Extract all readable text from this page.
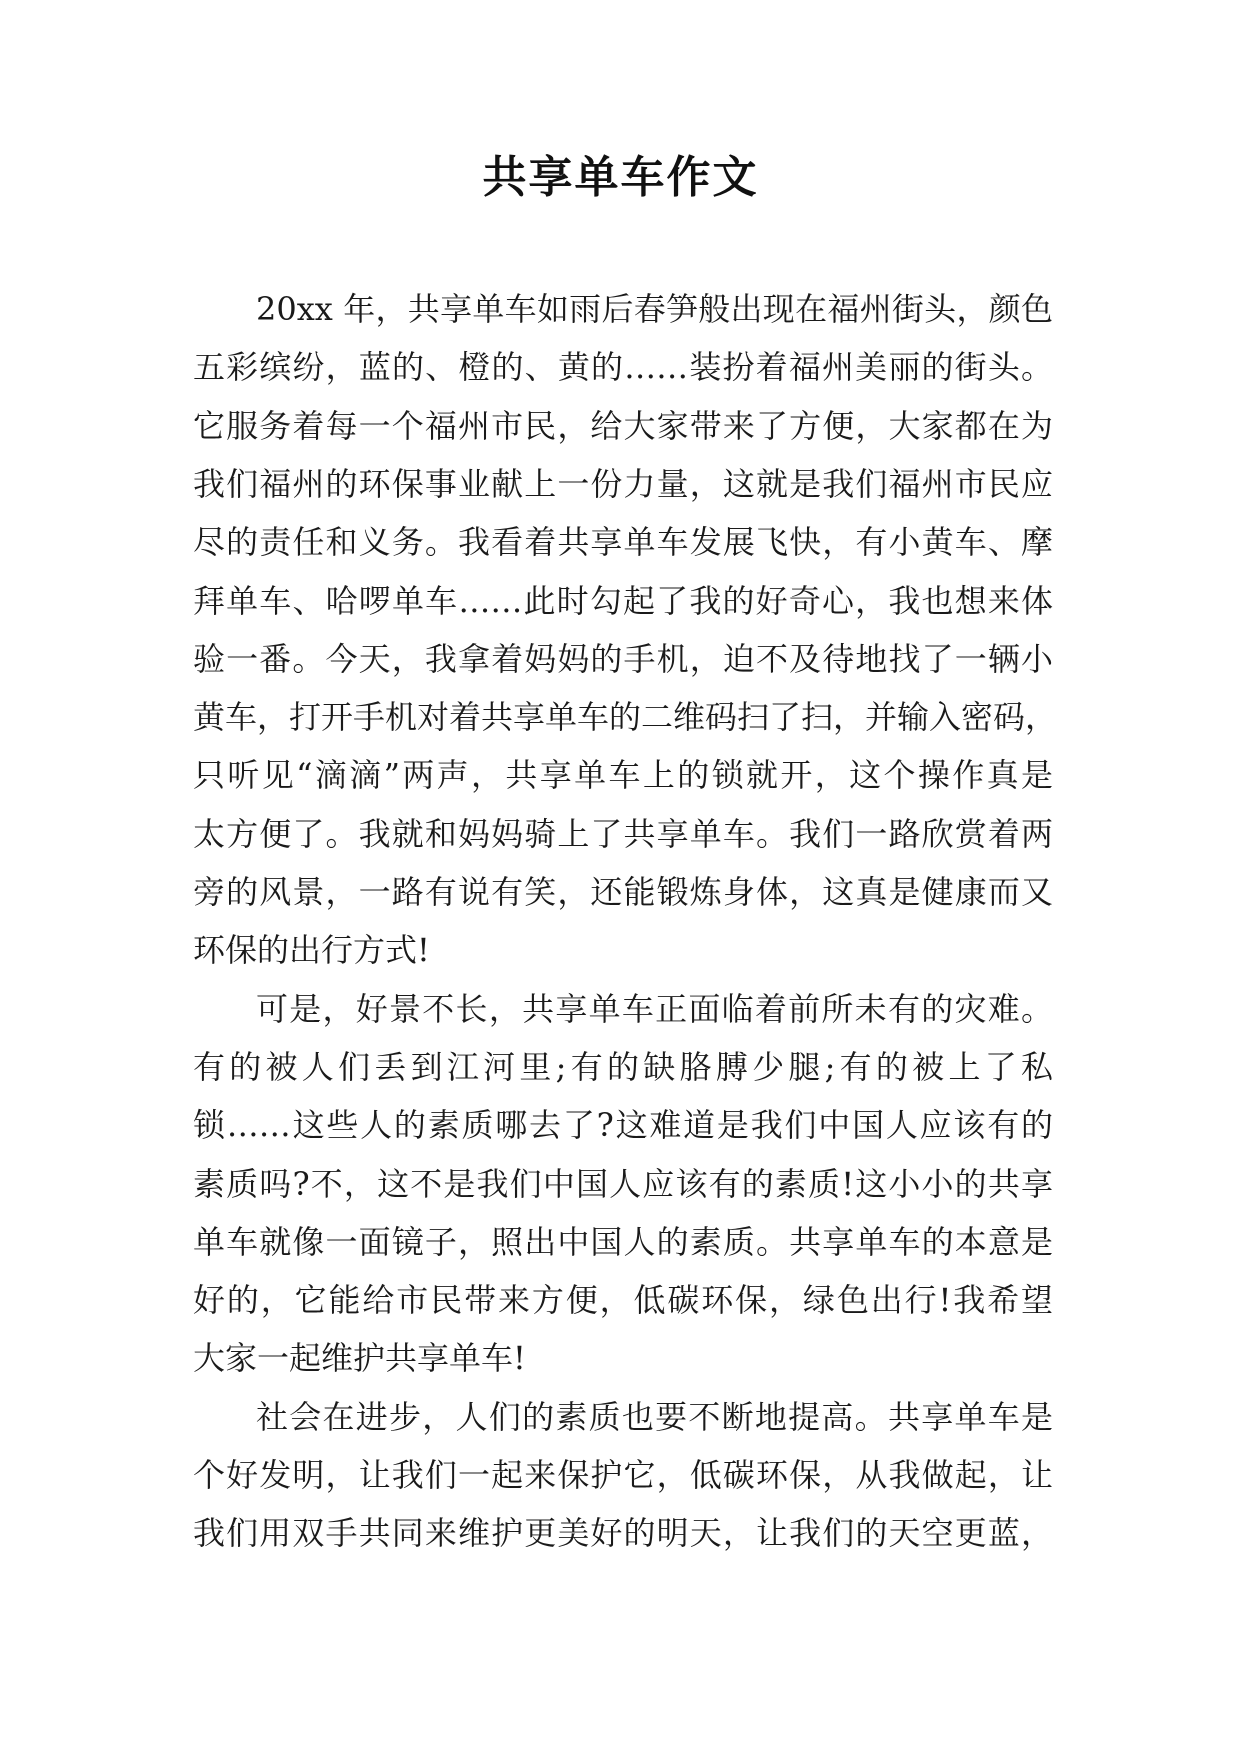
共享单车作文
20xx 年，共享单车如雨后春笋般出现在福州街头，颜色
五彩缤纷，蓝的、橙的、黄的……装扮着福州美丽的街头。
它服务着每一个福州市民，给大家带来了方便，大家都在为
我们福州的环保事业献上一份力量，这就是我们福州市民应
尽的责任和义务。我看着共享单车发展飞快，有小黄车、摩
拜单车、哈啰单车……此时勾起了我的好奇心，我也想来体
验一番。今天，我拿着妈妈的手机，迫不及待地找了一辆小
黄车，打开手机对着共享单车的二维码扫了扫，并输入密码，
只听见“滴滴”两声，共享单车上的锁就开，这个操作真是
太方便了。我就和妈妈骑上了共享单车。我们一路欣赏着两
旁的风景，一路有说有笑，还能锻炼身体，这真是健康而又
环保的出行方式!
可是，好景不长，共享单车正面临着前所未有的灾难。
有的被人们丢到江河里;有的缺胳膊少腿;有的被上了私
锁……这些人的素质哪去了?这难道是我们中国人应该有的
素质吗?不，这不是我们中国人应该有的素质!这小小的共享
单车就像一面镜子，照出中国人的素质。共享单车的本意是
好的，它能给市民带来方便，低碳环保，绿色出行!我希望
大家一起维护共享单车!
社会在进步，人们的素质也要不断地提高。共享单车是
个好发明，让我们一起来保护它，低碳环保，从我做起，让
我们用双手共同来维护更美好的明天，让我们的天空更蓝，
